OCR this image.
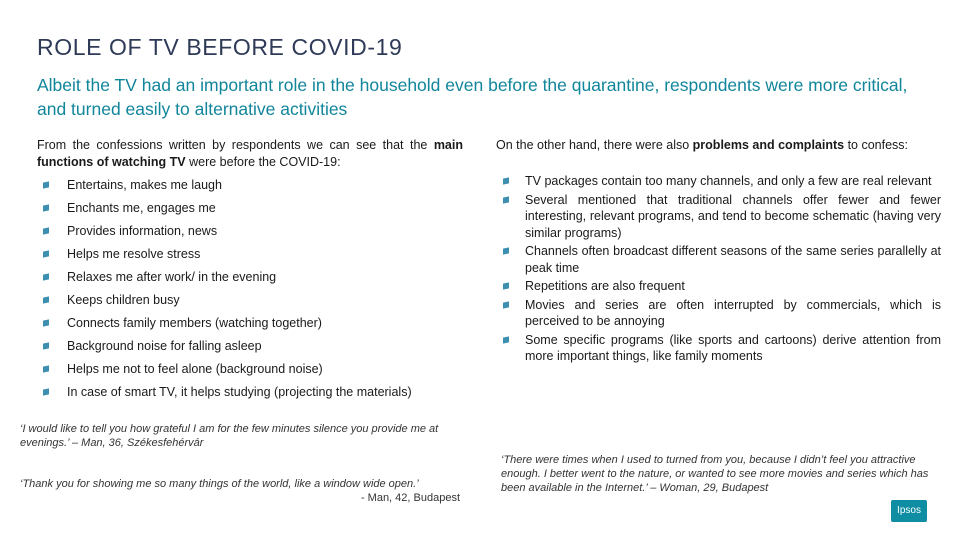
ROLE OF TV BEFORE COVID-19
Albeit the TV had an important role in the household even before the quarantine, respondents were more critical, and turned easily to alternative activities
From the confessions written by respondents we can see that the main functions of watching TV were before the COVID-19:
Entertains, makes me laugh
Enchants me, engages me
Provides information, news
Helps me resolve stress
Relaxes me after work/ in the evening
Keeps children busy
Connects family members (watching together)
Background noise for falling asleep
Helps me not to feel alone (background noise)
In case of smart TV, it helps studying (projecting the materials)
On the other hand, there were also problems and complaints to confess:
TV packages contain too many channels, and only a few are real relevant
Several mentioned that traditional channels offer fewer and fewer interesting, relevant programs, and tend to become schematic (having very similar programs)
Channels often broadcast different seasons of the same series parallelly at peak time
Repetitions are also frequent
Movies and series are often interrupted by commercials, which is perceived to be annoying
Some specific programs (like sports and cartoons) derive attention from more important things, like family moments
‘I would like to tell you how grateful I am for the few minutes silence you provide me at evenings.’ – Man, 36, Székesfehérvár
‘Thank you for showing me so many things of the world, like a window wide open.’
- Man, 42, Budapest
‘There were times when I used to turned from you, because I didn’t feel you attractive enough. I better went to the nature, or wanted to see more movies and series which has been available in the Internet.’ – Woman, 29, Budapest
Ipsos
